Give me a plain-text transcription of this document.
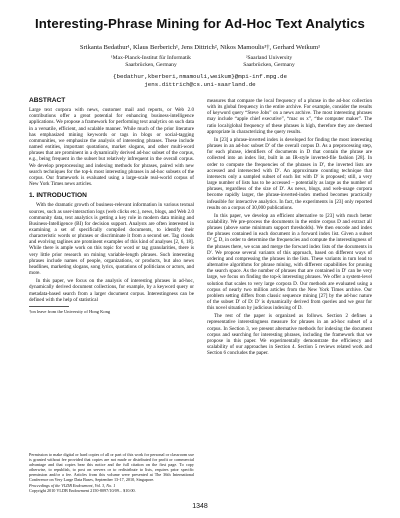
Interesting-Phrase Mining for Ad-Hoc Text Analytics
Srikanta Bedathur¹, Klaus Berberich¹, Jens Dittrich², Nikos Mamoulis³†, Gerhard Weikum¹
¹Max-Planck-Institut für Informatik
Saarbrücken, Germany
²Saarland University
Saarbrücken, Germany
{bedathur,kberberi,nmamouli,weikum}@mpi-inf.mpg.de
jens.dittrich@cs.uni-saarland.de
ABSTRACT

Large text corpora with news, customer mail and reports, or Web 2.0 contributions offer a great potential for enhancing business-intelligence applications. We propose a framework for performing text analytics on such data in a versatile, efficient, and scalable manner. While much of the prior literature has emphasized mining keywords or tags in blogs or social-tagging communities, we emphasize the analysis of interesting phrases. These include named entities, important quotations, market slogans, and other multi-word phrases that are prominent in a dynamically derived ad-hoc subset of the corpus, e.g., being frequent in the subset but relatively infrequent in the overall corpus. We develop preprocessing and indexing methods for phrases, paired with new search techniques for the top-k most interesting phrases in ad-hoc subsets of the corpus. Our framework is evaluated using a large-scale real-world corpus of New York Times news articles.

1. INTRODUCTION

With the dramatic growth of business-relevant information in various textual sources, such as user-interaction logs (web clicks etc.), news, blogs, and Web 2.0 community data, text analytics is getting a key role in modern data mining and Business-Intelligence (BI) for decision support. Analysts are often interested in examining a set of specifically compiled documents, to identify their characteristic words or phrases or discriminate it from a second set. Tag clouds and evolving taglines are prominent examples of this kind of analyses [2, 6, 18]. While there is ample work on this topic for word or tag granularities, there is very little prior research on mining variable-length phrases. Such interesting phrases include names of people, organizations, or products, but also news headlines, marketing slogans, song lyrics, quotations of politicians or actors, and more.

In this paper, we focus on the analysis of interesting phrases in ad-hoc, dynamically derived document collections, for example, by a keyword query or metadata-based search from a larger document corpus. Interestingness can be defined with the help of statistical

†on leave from the University of Hong Kong

Permission to make digital or hard copies of all or part of this work for personal or classroom use is granted without fee provided that copies are not made or distributed for profit or commercial advantage and that copies bear this notice and the full citation on the first page. To copy otherwise, to republish, to post on servers or to redistribute to lists, requires prior specific permission and/or a fee. Articles from this volume were presented at The 36th International Conference on Very Large Data Bases, September 13-17, 2010, Singapore.

Proceedings of the VLDB Endowment, Vol. 3, No. 1

Copyright 2010 VLDB Endowment 2150-8097/10/09... $10.00.

measures that compare the local frequency of a phrase in the ad-hoc collection with its global frequency in the entire archive. For example, consider the results of keyword query “Steve Jobs” on a news archive. The most interesting phrases may include “apple chief executive”, “mac os x”, “the computer maker”. The ratio local/global frequency of these phrases is high, therefore they are deemed appropriate in characterizing the query results.

In [23] a phrase-inverted index is developed for finding the most interesting phrases in an ad-hoc subset D′ of the overall corpus D. As a preprocessing step, for each phrase, identifiers of documents in D that contain the phrase are collected into an index list, built in an IR-style inverted-file fashion [28]. In order to compute the frequencies of the phrases in D′, the inverted lists are accessed and intersected with D′. An approximate counting technique that intersects only a sampled subset of each list with D′ is proposed; still, a very large number of lists has to be accessed – potentially as large as the number of phrases, regardless of the size of D′. As news, blogs, and web-usage corpora become rapidly larger, the phrase-inverted-index method becomes practically infeasible for interactive analytics. In fact, the experiments in [23] only reported results on a corpus of 30,000 publications.

In this paper, we develop an efficient alternative to [23] with much better scalability. We pre-process the documents in the entire corpus D and extract all phrases (above some minimum support thresholds). We then encode and index the phrases contained in each document in a forward index list. Given a subset D′ ⊆ D, in order to determine the frequencies and compute the interestingness of the phrases there, we scan and merge the forward index lists of the documents in D′. We propose several variants of this approach, based on different ways of ordering and compressing the phrases in the lists. These variants in turn lead to alternative algorithms for phrase mining, with different capabilities for pruning the search space. As the number of phrases that are contained in D′ can be very large, we focus on finding the top-k interesting phrases. We offer a system-level solution that scales to very large corpora D. Our methods are evaluated using a corpus of nearly two million articles from the New York Times archive. Our problem setting differs from classic sequence mining [27] by the ad-hoc nature of the subset D′ of D: D′ is dynamically derived from queries and we gear for this novel situation by judicious indexing of D.

The rest of the paper is organized as follows. Section 2 defines a representative interestingness measure for phrases in an ad-hoc subset of a corpus. In Section 3, we present alternative methods for indexing the document corpus and searching for interesting phrases, including the framework that we propose in this paper. We experimentally demonstrate the efficiency and scalability of our approaches in Section 4. Section 5 reviews related work and Section 6 concludes the paper.

1348
